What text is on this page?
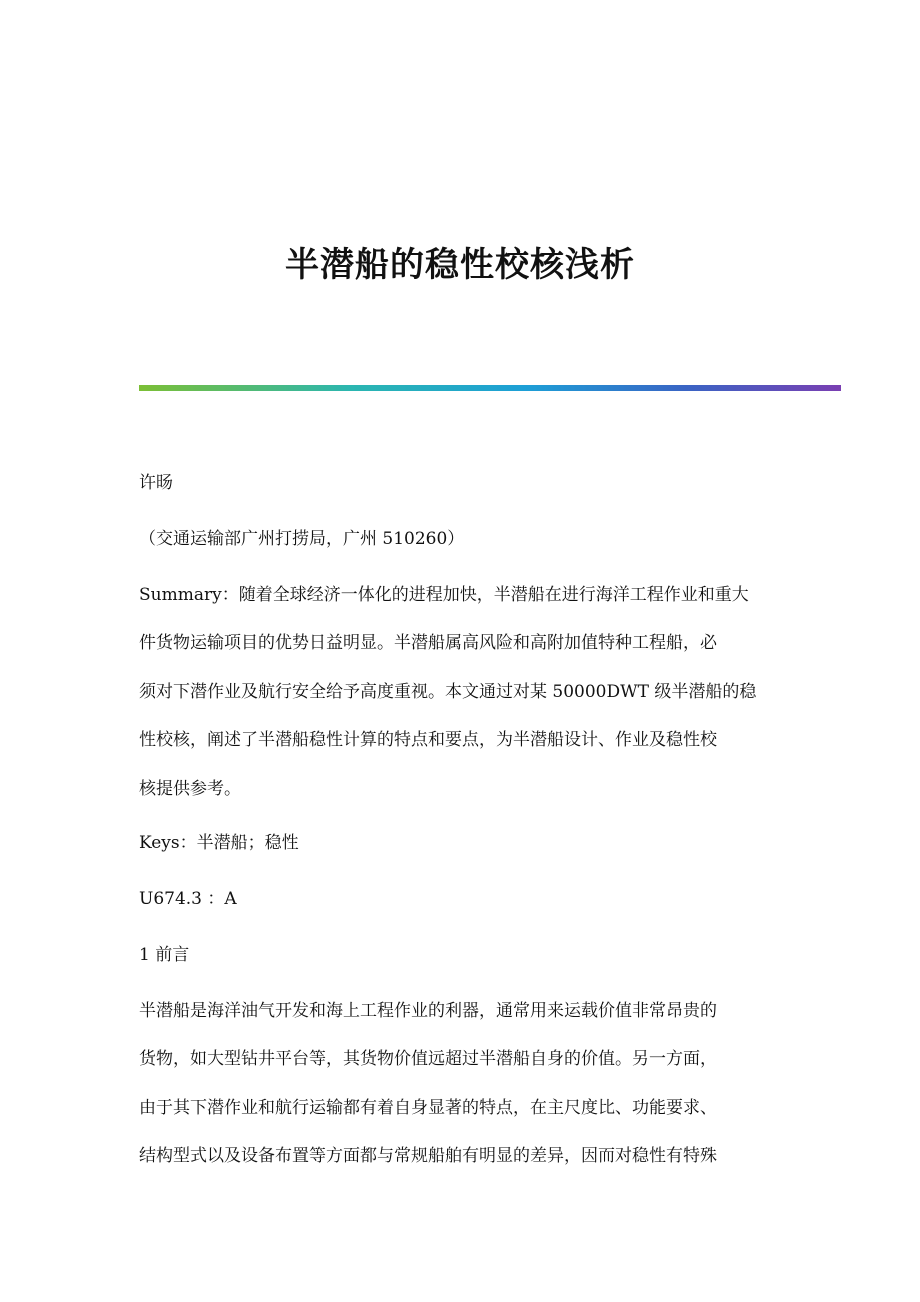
半潜船的稳性校核浅析

许旸

（交通运输部广州打捞局，广州 510260）

Summary：随着全球经济一体化的进程加快，半潜船在进行海洋工程作业和重大
件货物运输项目的优势日益明显。半潜船属高风险和高附加值特种工程船，必
须对下潜作业及航行安全给予高度重视。本文通过对某 50000DWT 级半潜船的稳
性校核，阐述了半潜船稳性计算的特点和要点，为半潜船设计、作业及稳性校
核提供参考。

Keys：半潜船；稳性

U674.3 ：A

1 前言

半潜船是海洋油气开发和海上工程作业的利器，通常用来运载价值非常昂贵的
货物，如大型钻井平台等，其货物价值远超过半潜船自身的价值。另一方面，
由于其下潜作业和航行运输都有着自身显著的特点，在主尺度比、功能要求、
结构型式以及设备布置等方面都与常规船舶有明显的差异，因而对稳性有特殊
